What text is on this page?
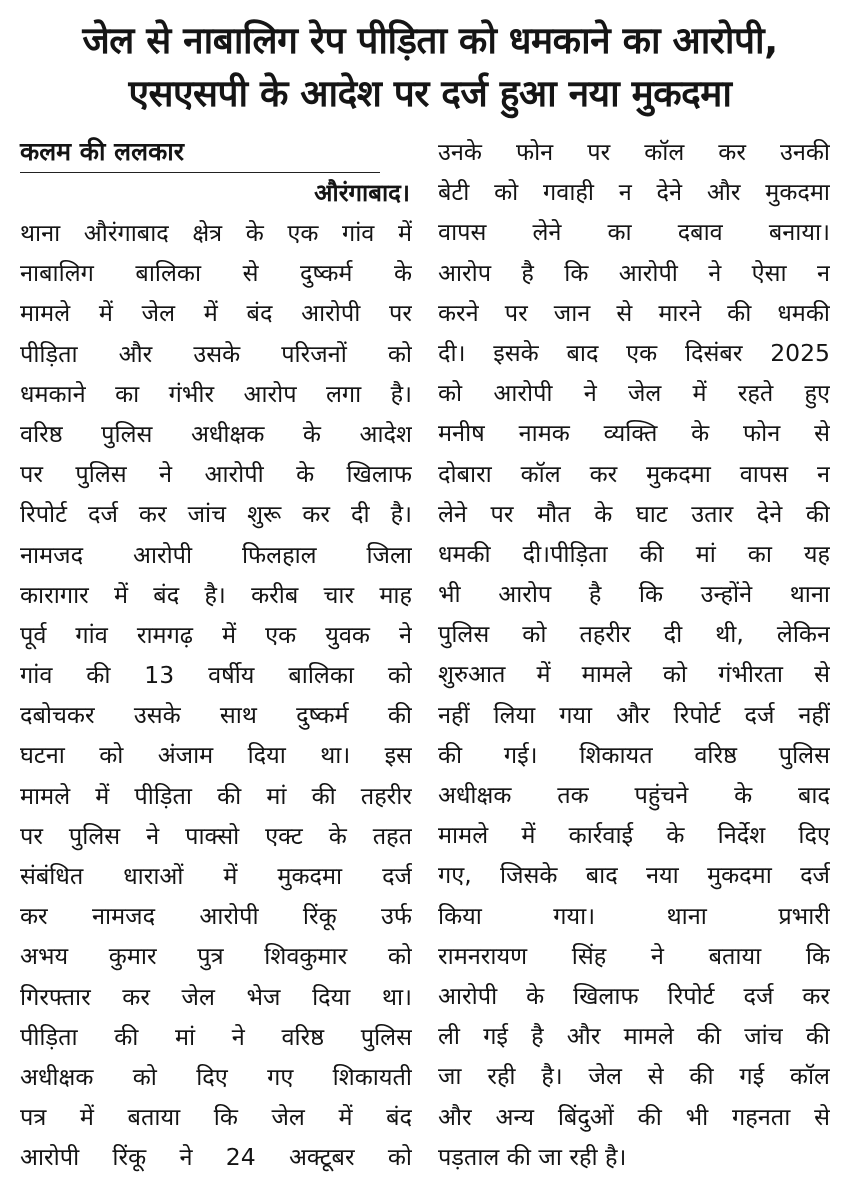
जेल से नाबालिग रेप पीड़िता को धमकाने का आरोपी,
एसएसपी के आदेश पर दर्ज हुआ नया मुकदमा
कलम की ललकार
औरंगाबाद।
थाना औरंगाबाद क्षेत्र के एक गांव में
नाबालिग बालिका से दुष्कर्म के
मामले में जेल में बंद आरोपी पर
पीड़िता और उसके परिजनों को
धमकाने का गंभीर आरोप लगा है।
वरिष्ठ पुलिस अधीक्षक के आदेश
पर पुलिस ने आरोपी के खिलाफ
रिपोर्ट दर्ज कर जांच शुरू कर दी है।
नामजद आरोपी फिलहाल जिला
कारागार में बंद है। करीब चार माह
पूर्व गांव रामगढ़ में एक युवक ने
गांव की 13 वर्षीय बालिका को
दबोचकर उसके साथ दुष्कर्म की
घटना को अंजाम दिया था। इस
मामले में पीड़िता की मां की तहरीर
पर पुलिस ने पाक्सो एक्ट के तहत
संबंधित धाराओं में मुकदमा दर्ज
कर नामजद आरोपी रिंकू उर्फ
अभय कुमार पुत्र शिवकुमार को
गिरफ्तार कर जेल भेज दिया था।
पीड़िता की मां ने वरिष्ठ पुलिस
अधीक्षक को दिए गए शिकायती
पत्र में बताया कि जेल में बंद
आरोपी रिंकू ने 24 अक्टूबर को
उनके फोन पर कॉल कर उनकी
बेटी को गवाही न देने और मुकदमा
वापस लेने का दबाव बनाया।
आरोप है कि आरोपी ने ऐसा न
करने पर जान से मारने की धमकी
दी। इसके बाद एक दिसंबर 2025
को आरोपी ने जेल में रहते हुए
मनीष नामक व्यक्ति के फोन से
दोबारा कॉल कर मुकदमा वापस न
लेने पर मौत के घाट उतार देने की
धमकी दी।पीड़िता की मां का यह
भी आरोप है कि उन्होंने थाना
पुलिस को तहरीर दी थी, लेकिन
शुरुआत में मामले को गंभीरता से
नहीं लिया गया और रिपोर्ट दर्ज नहीं
की गई। शिकायत वरिष्ठ पुलिस
अधीक्षक तक पहुंचने के बाद
मामले में कार्रवाई के निर्देश दिए
गए, जिसके बाद नया मुकदमा दर्ज
किया गया। थाना प्रभारी
रामनरायण सिंह ने बताया कि
आरोपी के खिलाफ रिपोर्ट दर्ज कर
ली गई है और मामले की जांच की
जा रही है। जेल से की गई कॉल
और अन्य बिंदुओं की भी गहनता से
पड़ताल की जा रही है।
